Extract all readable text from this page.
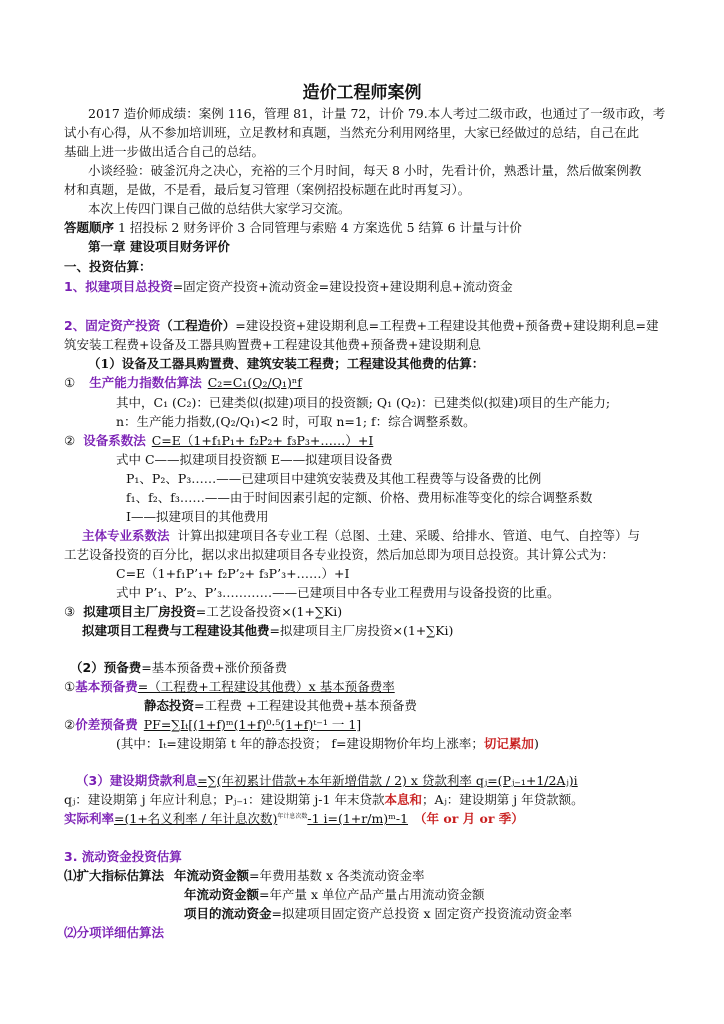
造价工程师案例
2017 造价师成绩：案例 116，管理 81，计量 72，计价 79.本人考过二级市政，也通过了一级市政，考
试小有心得，从不参加培训班，立足教材和真题，当然充分利用网络里，大家已经做过的总结，自己在此
基础上进一步做出适合自己的总结。
小谈经验：破釜沉舟之决心，充裕的三个月时间，每天 8 小时，先看计价，熟悉计量，然后做案例教
材和真题，是做，不是看，最后复习管理（案例招投标题在此时再复习）。
本次上传四门课自己做的总结供大家学习交流。
答题顺序 1 招投标 2 财务评价 3 合同管理与索赔 4 方案选优 5 结算 6 计量与计价
第一章 建设项目财务评价
一、投资估算：
1、拟建项目总投资=固定资产投资+流动资金=建设投资+建设期利息+流动资金
2、固定资产投资（工程造价）=建设投资+建设期利息=工程费+工程建设其他费+预备费+建设期利息=建
筑安装工程费+设备及工器具购置费+工程建设其他费+预备费+建设期利息
（1）设备及工器具购置费、建筑安装工程费；工程建设其他费的估算：
① 生产能力指数估算法 C₂=C₁(Q₂/Q₁)ⁿf
其中，C₁ (C₂)：已建类似(拟建)项目的投资额; Q₁ (Q₂)：已建类似(拟建)项目的生产能力;
n：生产能力指数,(Q₂/Q₁)<2 时，可取 n=1; f：综合调整系数。
② 设备系数法 C=E（1+f₁P₁+ f₂P₂+ f₃P₃+……）+I
式中 C——拟建项目投资额 E——拟建项目设备费
P₁、P₂、P₃……——已建项目中建筑安装费及其他工程费等与设备费的比例
f₁、f₂、f₃……——由于时间因素引起的定额、价格、费用标准等变化的综合调整系数
I——拟建项目的其他费用
主体专业系数法 计算出拟建项目各专业工程（总图、土建、采暖、给排水、管道、电气、自控等）与
工艺设备投资的百分比，据以求出拟建项目各专业投资，然后加总即为项目总投资。其计算公式为：
C=E（1+f₁P’₁+ f₂P’₂+ f₃P’₃+……）+I
式中 P’₁、P’₂、P’₃…………——已建项目中各专业工程费用与设备投资的比重。
③ 拟建项目主厂房投资=工艺设备投资×(1+∑Ki)
拟建项目工程费与工程建设其他费=拟建项目主厂房投资×(1+∑Ki)
（2）预备费=基本预备费+涨价预备费
①基本预备费=（工程费+工程建设其他费）x 基本预备费率
静态投资=工程费 +工程建设其他费+基本预备费
②价差预备费 PF=∑Iₜ[(1+f)ᵐ(1+f)⁰·⁵(1+f)ᵗ⁻¹ 一 1]
(其中：Iₜ=建设期第 t 年的静态投资； f=建设期物价年均上涨率；切记累加)
（3）建设期贷款利息=∑(年初累计借款+本年新增借款 / 2) x 贷款利率 qⱼ=(Pⱼ₋₁+1/2Aⱼ)i
qⱼ：建设期第 j 年应计利息；Pⱼ₋₁：建设期第 j-1 年末贷款本息和；Aⱼ：建设期第 j 年贷款额。
实际利率=(1+名义利率 / 年计息次数)$^{年计息次数}$-1 i=(1+r/m)ᵐ-1 （年 or 月 or 季）
3. 流动资金投资估算
⑴扩大指标估算法 年流动资金额=年费用基数 x 各类流动资金率
年流动资金额=年产量 x 单位产品产量占用流动资金额
项目的流动资金=拟建项目固定资产总投资 x 固定资产投资流动资金率
⑵分项详细估算法
